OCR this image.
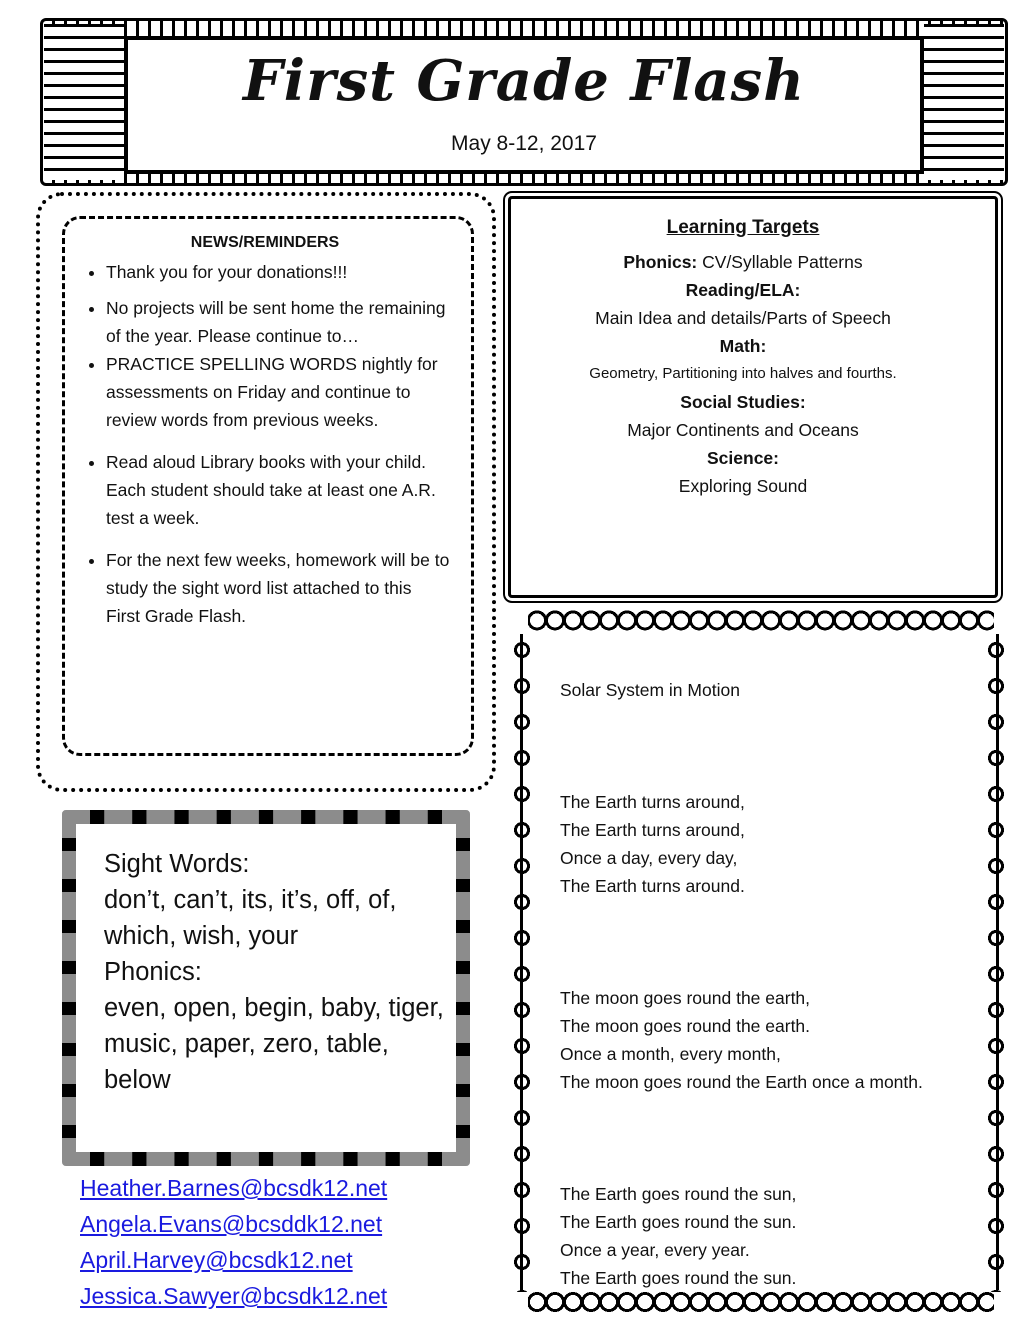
First Grade Flash
May 8-12, 2017
NEWS/REMINDERS
• Thank you for your donations!!!
• No projects will be sent home the remaining of the year. Please continue to…
• PRACTICE SPELLING WORDS nightly for assessments on Friday and continue to review words from previous weeks.
• Read aloud Library books with your child. Each student should take at least one A.R. test a week.
• For the next few weeks, homework will be to study the sight word list attached to this First Grade Flash.
Learning Targets
Phonics: CV/Syllable Patterns
Reading/ELA:
Main Idea and details/Parts of Speech
Math:
Geometry, Partitioning into halves and fourths.
Social Studies:
Major Continents and Oceans
Science:
Exploring Sound
Sight Words:
don’t, can’t, its, it’s, off, of, which, wish, your
Phonics:
even, open, begin, baby, tiger, music, paper, zero, table, below
Heather.Barnes@bcsdk12.net
Angela.Evans@bcsddk12.net
April.Harvey@bcsdk12.net
Jessica.Sawyer@bcsdk12.net

Solar System in Motion

The Earth turns around,
The Earth turns around,
Once a day, every day,
The Earth turns around.

The moon goes round the earth,
The moon goes round the earth.
Once a month, every month,
The moon goes round the Earth once a month.

The Earth goes round the sun,
The Earth goes round the sun.
Once a year, every year.
The Earth goes round the sun.
